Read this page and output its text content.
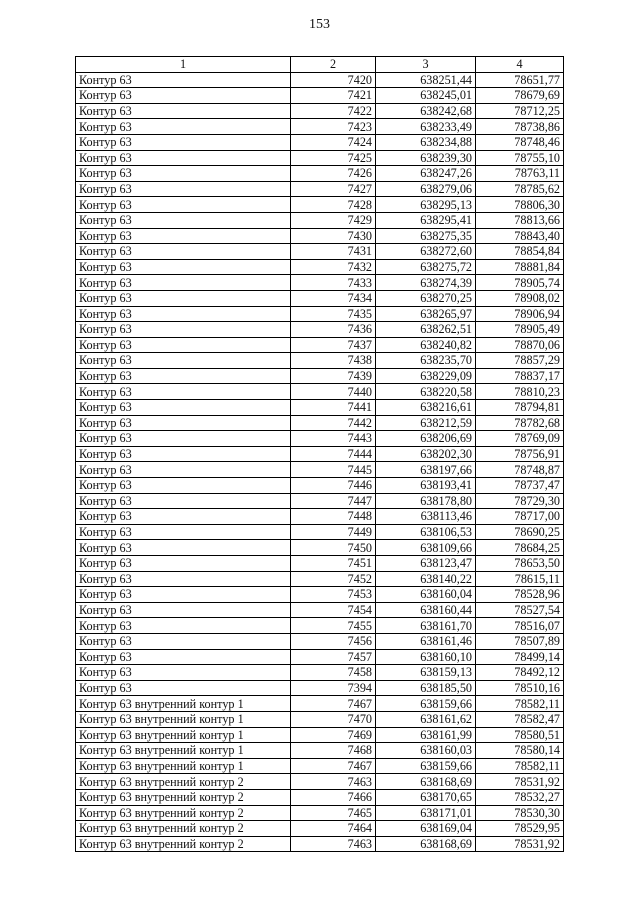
153
1	2	3	4
Контур 63	7420	638251,44	78651,77
Контур 63	7421	638245,01	78679,69
Контур 63	7422	638242,68	78712,25
Контур 63	7423	638233,49	78738,86
Контур 63	7424	638234,88	78748,46
Контур 63	7425	638239,30	78755,10
Контур 63	7426	638247,26	78763,11
Контур 63	7427	638279,06	78785,62
Контур 63	7428	638295,13	78806,30
Контур 63	7429	638295,41	78813,66
Контур 63	7430	638275,35	78843,40
Контур 63	7431	638272,60	78854,84
Контур 63	7432	638275,72	78881,84
Контур 63	7433	638274,39	78905,74
Контур 63	7434	638270,25	78908,02
Контур 63	7435	638265,97	78906,94
Контур 63	7436	638262,51	78905,49
Контур 63	7437	638240,82	78870,06
Контур 63	7438	638235,70	78857,29
Контур 63	7439	638229,09	78837,17
Контур 63	7440	638220,58	78810,23
Контур 63	7441	638216,61	78794,81
Контур 63	7442	638212,59	78782,68
Контур 63	7443	638206,69	78769,09
Контур 63	7444	638202,30	78756,91
Контур 63	7445	638197,66	78748,87
Контур 63	7446	638193,41	78737,47
Контур 63	7447	638178,80	78729,30
Контур 63	7448	638113,46	78717,00
Контур 63	7449	638106,53	78690,25
Контур 63	7450	638109,66	78684,25
Контур 63	7451	638123,47	78653,50
Контур 63	7452	638140,22	78615,11
Контур 63	7453	638160,04	78528,96
Контур 63	7454	638160,44	78527,54
Контур 63	7455	638161,70	78516,07
Контур 63	7456	638161,46	78507,89
Контур 63	7457	638160,10	78499,14
Контур 63	7458	638159,13	78492,12
Контур 63	7394	638185,50	78510,16
Контур 63 внутренний контур 1	7467	638159,66	78582,11
Контур 63 внутренний контур 1	7470	638161,62	78582,47
Контур 63 внутренний контур 1	7469	638161,99	78580,51
Контур 63 внутренний контур 1	7468	638160,03	78580,14
Контур 63 внутренний контур 1	7467	638159,66	78582,11
Контур 63 внутренний контур 2	7463	638168,69	78531,92
Контур 63 внутренний контур 2	7466	638170,65	78532,27
Контур 63 внутренний контур 2	7465	638171,01	78530,30
Контур 63 внутренний контур 2	7464	638169,04	78529,95
Контур 63 внутренний контур 2	7463	638168,69	78531,92
